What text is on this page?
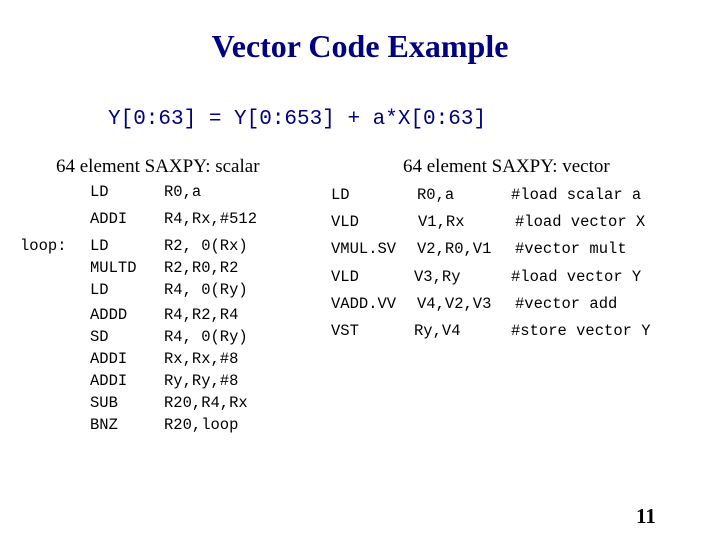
Vector Code Example
Y[0:63] = Y[0:653] + a*X[0:63]
64 element SAXPY: scalar	64 element SAXPY: vector
LD	R0,a
ADDI R4,Rx,#512
loop: LD	R2, 0(Rx)
MULTD R2,R0,R2
LD	R4, 0(Ry)
ADDD R4,R2,R4
SD	R4, 0(Ry)
ADDI Rx,Rx,#8
ADDI Ry,Ry,#8
SUB	R20,R4,Rx
BNZ	R20,loop
LD	R0,a	#load scalar a
VLD	V1,Rx	#load vector X
VMUL.SV V2,R0,V1 #vector mult
VLD	V3,Ry	#load vector Y
VADD.VV V4,V2,V3 #vector add
VST	Ry,V4	#store vector Y
11
